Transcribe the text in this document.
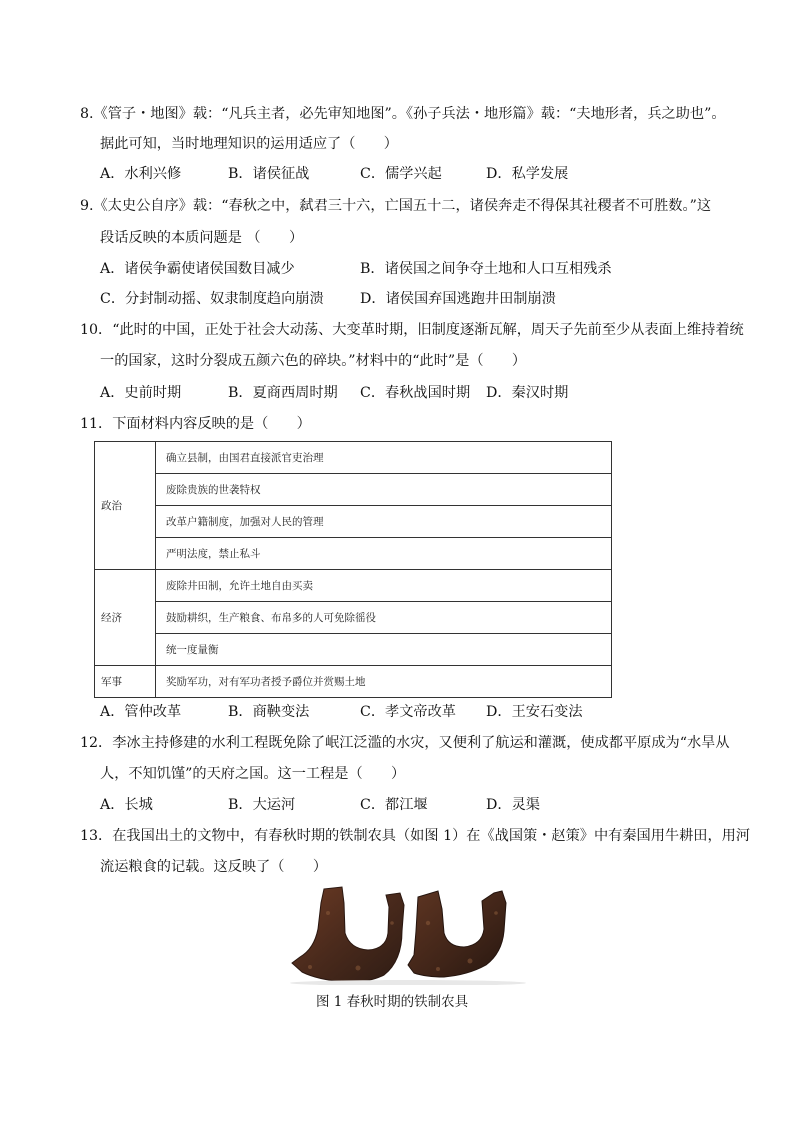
8.《管子・地图》载：“凡兵主者，必先审知地图”。《孙子兵法・地形篇》载：“夫地形者，兵之助也”。
据此可知，当时地理知识的运用适应了（　　）
A．水利兴修	B．诸侯征战	C．儒学兴起	D．私学发展
9.《太史公自序》载：“春秋之中，弑君三十六，亡国五十二，诸侯奔走不得保其社稷者不可胜数。”这
段话反映的本质问题是 （　　）
A．诸侯争霸使诸侯国数目减少	B．诸侯国之间争夺土地和人口互相残杀
C．分封制动摇、奴隶制度趋向崩溃	D．诸侯国弃国逃跑井田制崩溃
10．“此时的中国，正处于社会大动荡、大变革时期，旧制度逐渐瓦解，周天子先前至少从表面上维持着统
一的国家，这时分裂成五颜六色的碎块。”材料中的“此时”是（　　）
A．史前时期	B．夏商西周时期 C．春秋战国时期 D．秦汉时期
11．下面材料内容反映的是（　　）
政治	确立县制，由国君直接派官吏治理
	废除贵族的世袭特权
	改革户籍制度，加强对人民的管理
	严明法度，禁止私斗
经济	废除井田制，允许土地自由买卖
	鼓励耕织，生产粮食、布帛多的人可免除徭役
	统一度量衡
军事	奖励军功，对有军功者授予爵位并赏赐土地
A．管仲改革	B．商鞅变法	C．孝文帝改革 D．王安石变法
12．李冰主持修建的水利工程既免除了岷江泛滥的水灾，又便利了航运和灌溉，使成都平原成为“水旱从
人，不知饥馑”的天府之国。这一工程是（　　）
A．长城	B．大运河	C．都江堰	D．灵渠
13．在我国出土的文物中，有春秋时期的铁制农具（如图 1）在《战国策・赵策》中有秦国用牛耕田，用河
流运粮食的记载。这反映了（　　）
图 1 春秋时期的铁制农具
